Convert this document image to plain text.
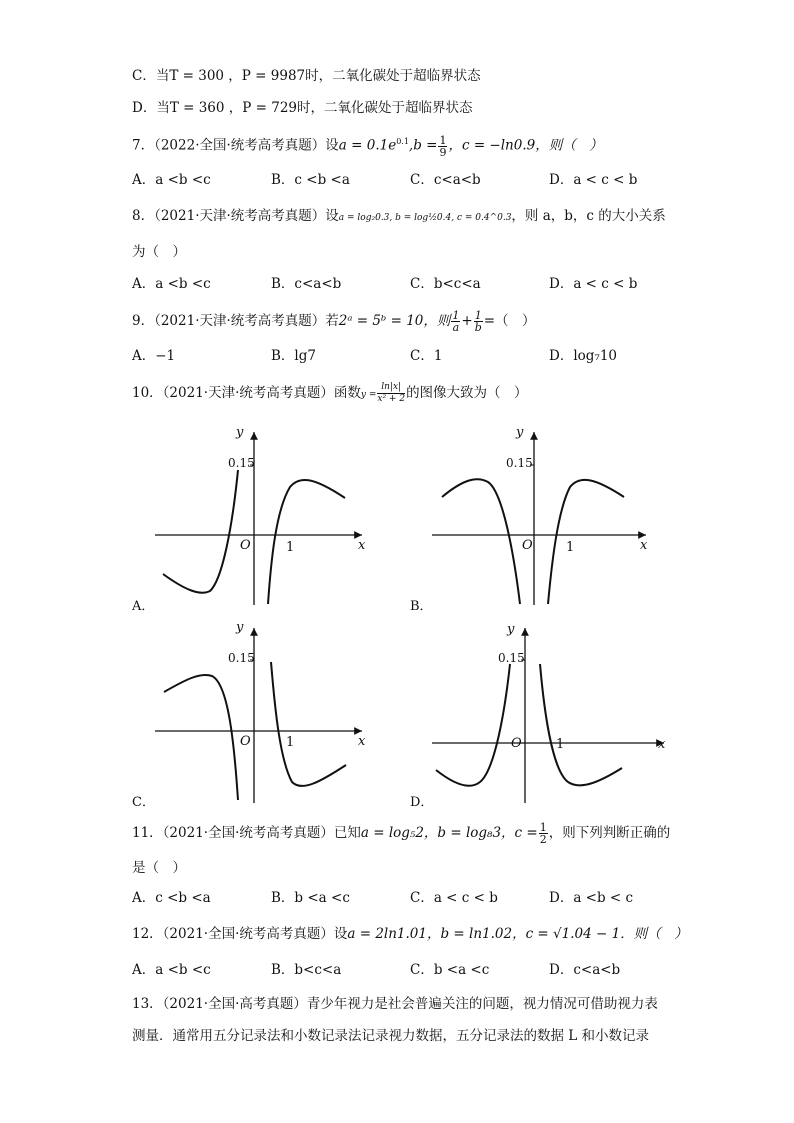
C．当T = 300 ，P = 9987时，二氧化碳处于超临界状态
D．当T = 360 ，P = 729时，二氧化碳处于超临界状态
7．（2022·全国·统考高考真题）设$a = 0.1e^{0.1},b = \frac{1}{9}$ ，c = −ln0.9，则（　）
A．a <b <c	B．c <b <a	C．c<a<b	D．a < c < b
8．（2021·天津·统考高考真题）设a = log₂0.3, b = log½0.4, c = 0.4^0.3，则 a，b，c 的大小关系
为（　）
A．a <b <c	B．c<a<b	C．b<c<a	D．a < c < b
9．（2021·天津·统考高考真题）若2ᵃ = 5ᵇ = 10，则 $\frac{1}{a} + \frac{1}{b}$ =（　）
A．−1	B．lg7	C．1	D．log₇10
10．（2021·天津·统考高考真题）函数$y = \frac{\ln|x|}{\text{x² + 2}}$ 的图像大致为（　）
y
0.15
O	1	x
A．
y
0.15
O	1	x
B．
y
0.15
O	1	x
C．
y
0.15
O	1	x
D．
11．（2021·全国·统考高考真题）已知a = log₅2，b = log₈3，$c = \frac{1}{2}$ ，则下列判断正确的
是（　）
A．c <b <a	B．b <a <c	C．a < c < b	D．a <b < c
12．（2021·全国·统考高考真题）设a = 2ln1.01，b = ln1.02，c = √1.04 − 1．则（　）
A．a <b <c	B．b<c<a	C．b <a <c	D．c<a<b
13．（2021·全国·高考真题）青少年视力是社会普遍关注的问题，视力情况可借助视力表
测量．通常用五分记录法和小数记录法记录视力数据，五分记录法的数据 L 和小数记录
